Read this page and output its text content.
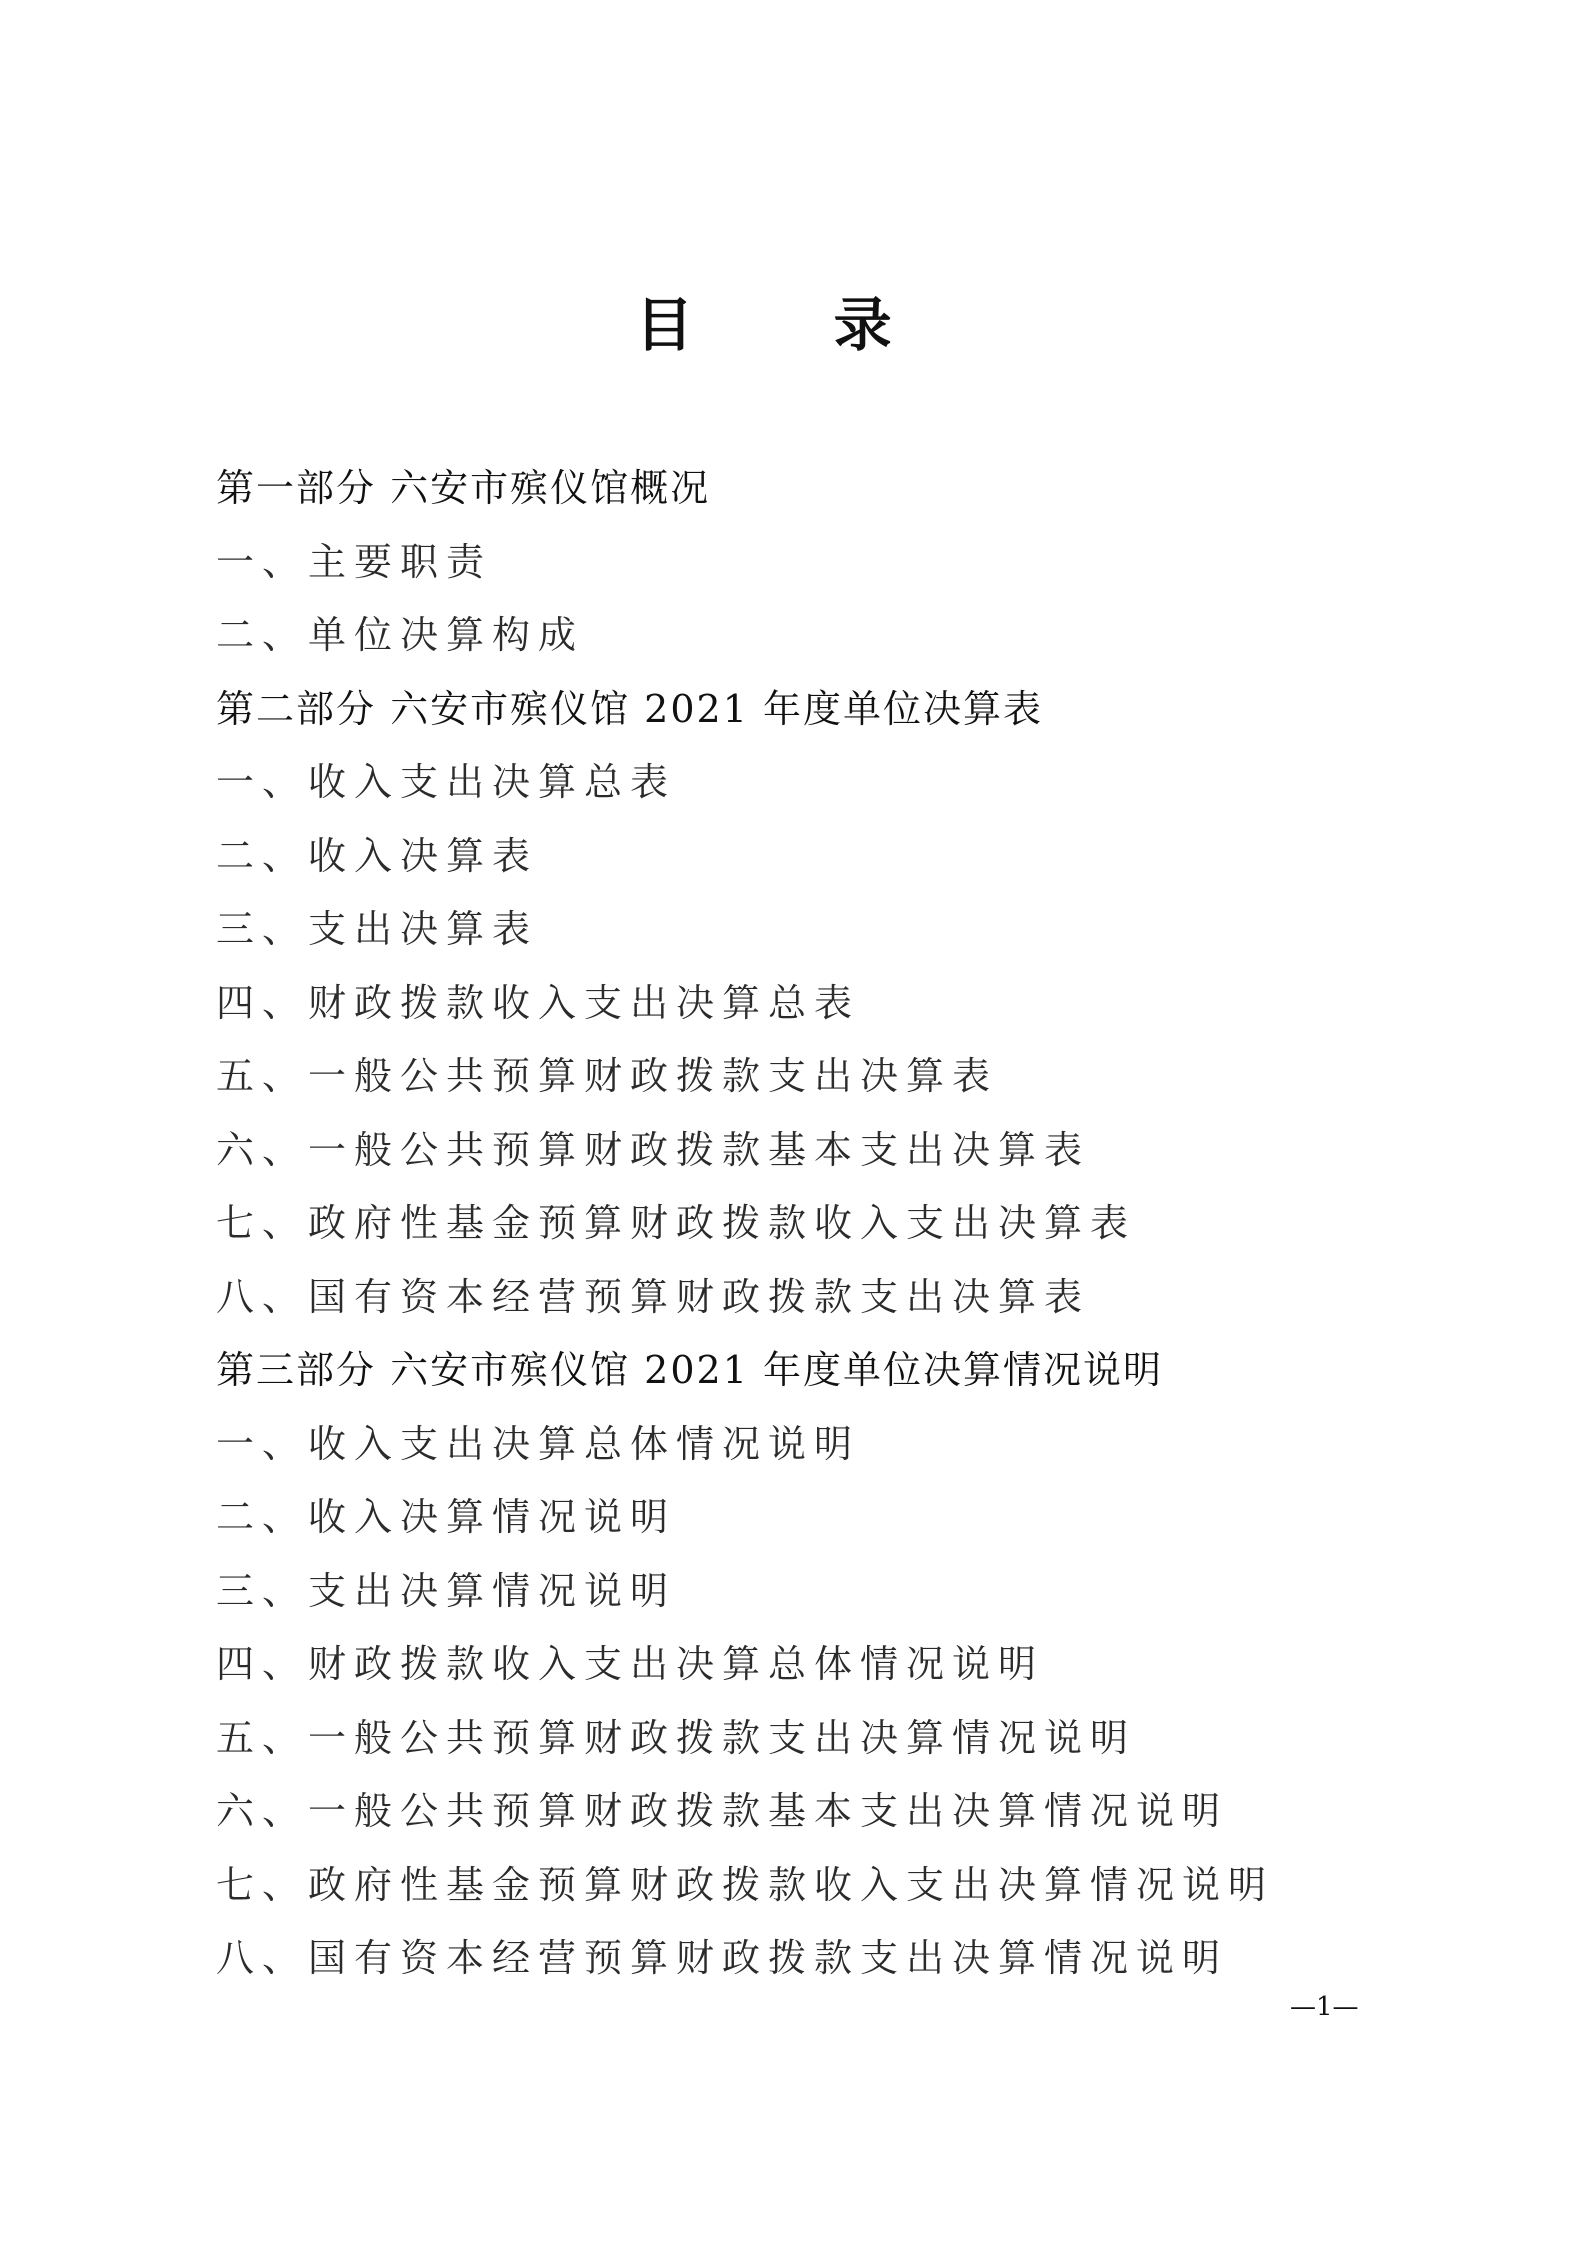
目 录
第一部分 六安市殡仪馆概况
一、主要职责
二、单位决算构成
第二部分 六安市殡仪馆 2021 年度单位决算表
一、收入支出决算总表
二、收入决算表
三、支出决算表
四、财政拨款收入支出决算总表
五、一般公共预算财政拨款支出决算表
六、一般公共预算财政拨款基本支出决算表
七、政府性基金预算财政拨款收入支出决算表
八、国有资本经营预算财政拨款支出决算表
第三部分 六安市殡仪馆 2021 年度单位决算情况说明
一、收入支出决算总体情况说明
二、收入决算情况说明
三、支出决算情况说明
四、财政拨款收入支出决算总体情况说明
五、一般公共预算财政拨款支出决算情况说明
六、一般公共预算财政拨款基本支出决算情况说明
七、政府性基金预算财政拨款收入支出决算情况说明
八、国有资本经营预算财政拨款支出决算情况说明
—1—
